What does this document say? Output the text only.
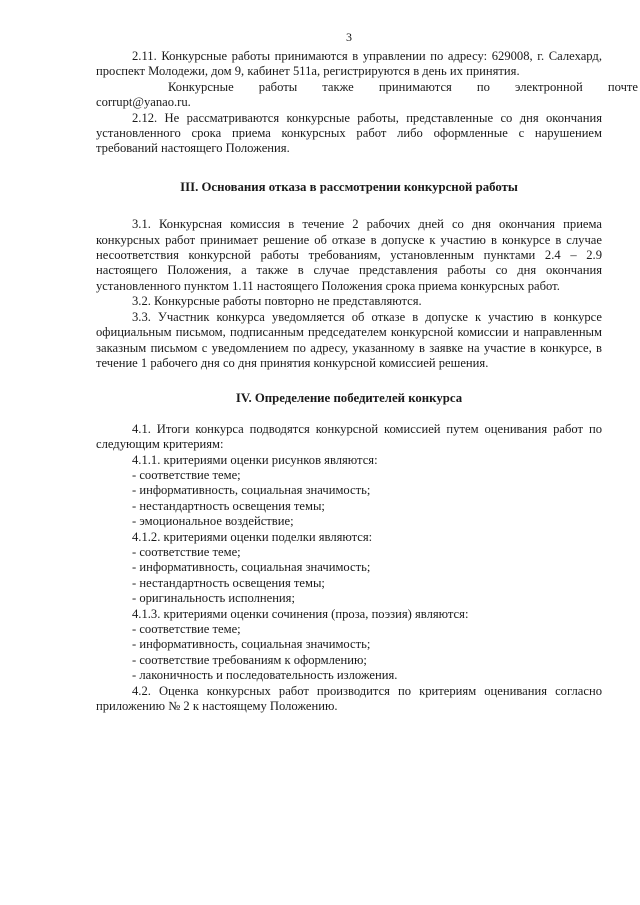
3

2.11. Конкурсные работы принимаются в управлении по адресу: 629008, г. Салехард, проспект Молодежи, дом 9, кабинет 511а, регистрируются в день их принятия.

Конкурсные работы также принимаются по электронной почте

corrupt@yanao.ru.

2.12. Не рассматриваются конкурсные работы, представленные со дня окончания установленного срока приема конкурсных работ либо оформленные с нарушением требований настоящего Положения.

III. Основания отказа в рассмотрении конкурсной работы

3.1. Конкурсная комиссия в течение 2 рабочих дней со дня окончания приема конкурсных работ принимает решение об отказе в допуске к участию в конкурсе в случае несоответствия конкурсной работы требованиям, установленным пунктами 2.4 – 2.9 настоящего Положения, а также в случае представления работы со дня окончания установленного пунктом 1.11 настоящего Положения срока приема конкурсных работ.

3.2. Конкурсные работы повторно не представляются.

3.3. Участник конкурса уведомляется об отказе в допуске к участию в конкурсе официальным письмом, подписанным председателем конкурсной комиссии и направленным заказным письмом с уведомлением по адресу, указанному в заявке на участие в конкурсе, в течение 1 рабочего дня со дня принятия конкурсной комиссией решения.

IV. Определение победителей конкурса

4.1. Итоги конкурса подводятся конкурсной комиссией путем оценивания работ по следующим критериям:

4.1.1. критериями оценки рисунков являются:

- соответствие теме;

- информативность, социальная значимость;

- нестандартность освещения темы;

- эмоциональное воздействие;

4.1.2. критериями оценки поделки являются:

- соответствие теме;

- информативность, социальная значимость;

- нестандартность освещения темы;

- оригинальность исполнения;

4.1.3. критериями оценки сочинения (проза, поэзия) являются:

- соответствие теме;

- информативность, социальная значимость;

- соответствие требованиям к оформлению;

- лаконичность и последовательность изложения.

4.2. Оценка конкурсных работ производится по критериям оценивания согласно приложению № 2 к настоящему Положению.
